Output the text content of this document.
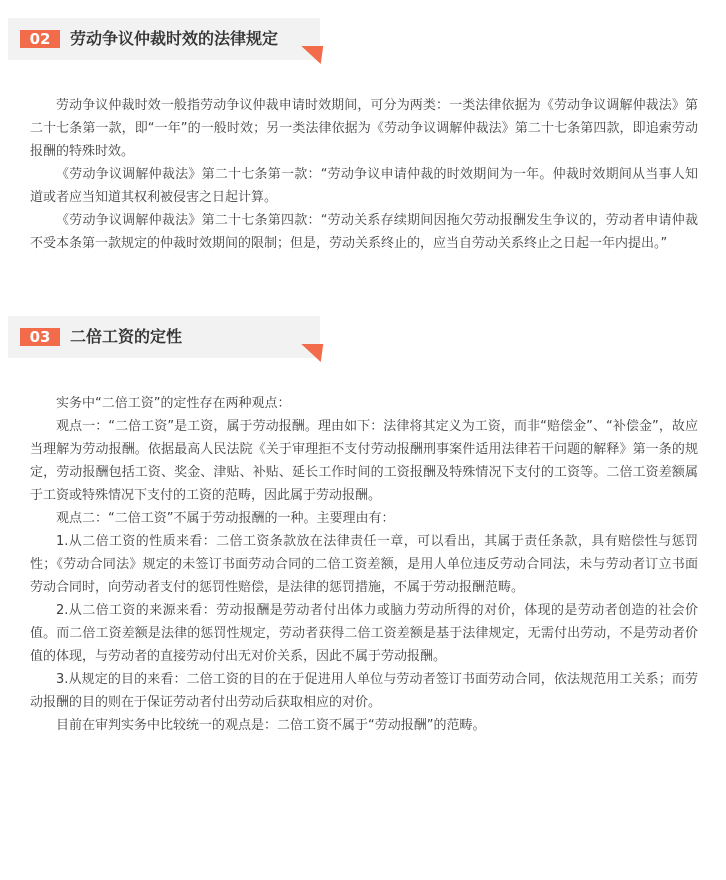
02	劳动争议仲裁时效的法律规定

劳动争议仲裁时效一般指劳动争议仲裁申请时效期间，可分为两类：一类法律依据为《劳动争议调解仲裁法》第二十七条第一款，即“一年”的一般时效；另一类法律依据为《劳动争议调解仲裁法》第二十七条第四款，即追索劳动报酬的特殊时效。

《劳动争议调解仲裁法》第二十七条第一款：“劳动争议申请仲裁的时效期间为一年。仲裁时效期间从当事人知道或者应当知道其权利被侵害之日起计算。

《劳动争议调解仲裁法》第二十七条第四款：“劳动关系存续期间因拖欠劳动报酬发生争议的，劳动者申请仲裁不受本条第一款规定的仲裁时效期间的限制；但是，劳动关系终止的，应当自劳动关系终止之日起一年内提出。”

03	二倍工资的定性

实务中“二倍工资”的定性存在两种观点：

观点一：“二倍工资”是工资，属于劳动报酬。理由如下：法律将其定义为工资，而非“赔偿金”、“补偿金”，故应当理解为劳动报酬。依据最高人民法院《关于审理拒不支付劳动报酬刑事案件适用法律若干问题的解释》第一条的规定，劳动报酬包括工资、奖金、津贴、补贴、延长工作时间的工资报酬及特殊情况下支付的工资等。二倍工资差额属于工资或特殊情况下支付的工资的范畴，因此属于劳动报酬。

观点二：“二倍工资”不属于劳动报酬的一种。主要理由有：

1.从二倍工资的性质来看：二倍工资条款放在法律责任一章，可以看出，其属于责任条款，具有赔偿性与惩罚性；《劳动合同法》规定的未签订书面劳动合同的二倍工资差额，是用人单位违反劳动合同法，未与劳动者订立书面劳动合同时，向劳动者支付的惩罚性赔偿，是法律的惩罚措施，不属于劳动报酬范畴。

2.从二倍工资的来源来看：劳动报酬是劳动者付出体力或脑力劳动所得的对价，体现的是劳动者创造的社会价值。而二倍工资差额是法律的惩罚性规定，劳动者获得二倍工资差额是基于法律规定，无需付出劳动，不是劳动者价值的体现，与劳动者的直接劳动付出无对价关系，因此不属于劳动报酬。

3.从规定的目的来看：二倍工资的目的在于促进用人单位与劳动者签订书面劳动合同，依法规范用工关系；而劳动报酬的目的则在于保证劳动者付出劳动后获取相应的对价。

目前在审判实务中比较统一的观点是：二倍工资不属于“劳动报酬”的范畴。
